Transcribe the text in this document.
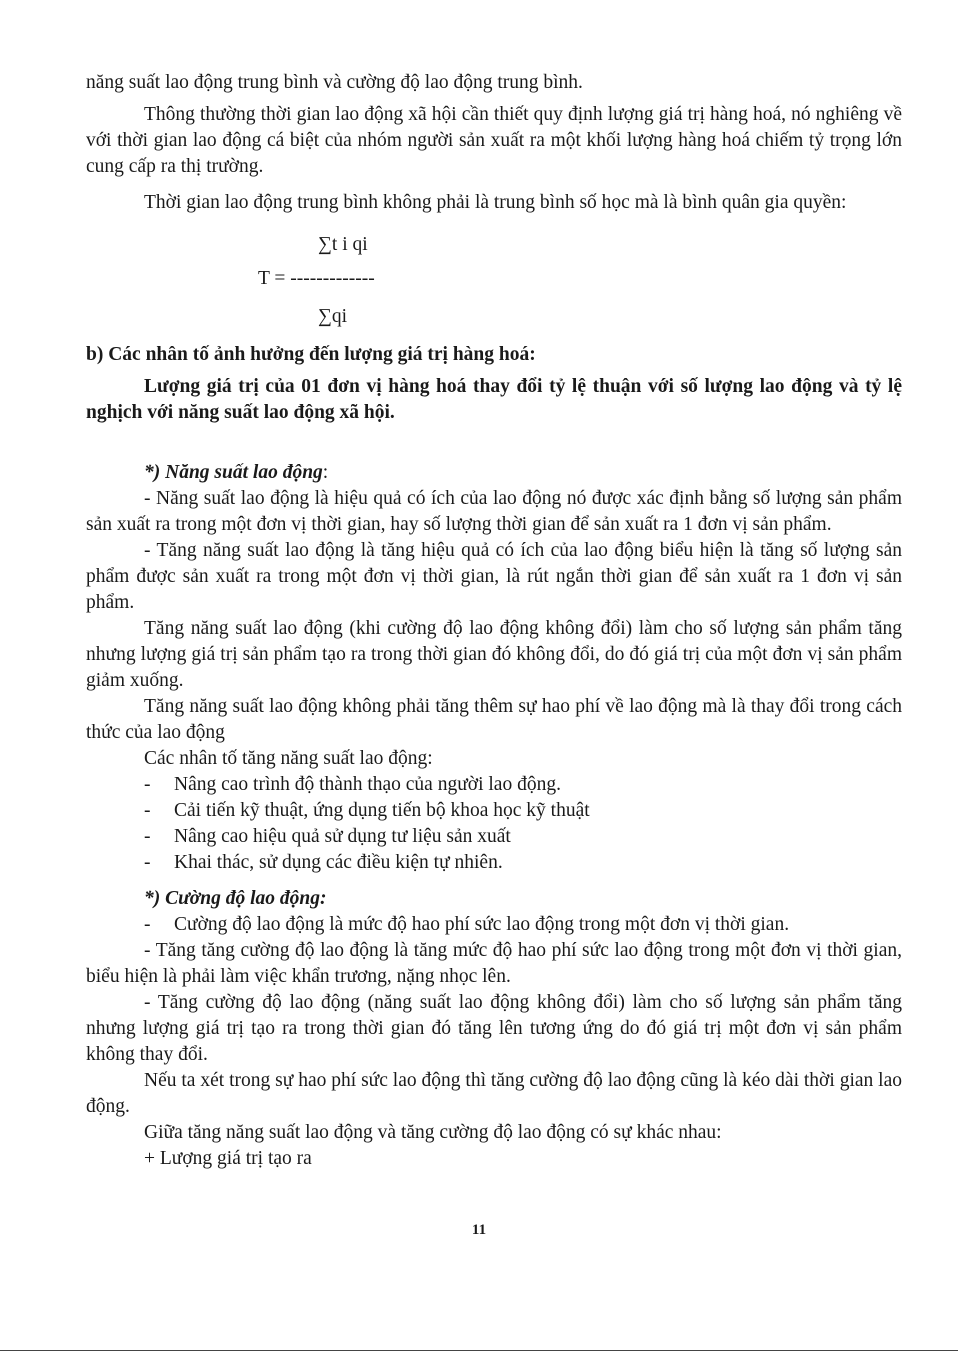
năng suất lao động trung bình và cường độ lao động trung bình.

Thông thường thời gian lao động xã hội cần thiết quy định lượng giá trị hàng hoá, nó nghiêng về với thời gian lao động cá biệt của nhóm người sản xuất ra một khối lượng hàng hoá chiếm tỷ trọng lớn cung cấp ra thị trường.

Thời gian lao động trung bình không phải là trung bình số học mà là bình quân gia quyền:

∑t i qi
T = -------------
∑qi

b) Các nhân tố ảnh hưởng đến lượng giá trị hàng hoá:

Lượng giá trị của 01 đơn vị hàng hoá thay đổi tỷ lệ thuận với số lượng lao động và tỷ lệ nghịch với năng suất lao động xã hội.

*) Năng suất lao động:

- Năng suất lao động là hiệu quả có ích của lao động nó được xác định bằng số lượng sản phẩm sản xuất ra trong một đơn vị thời gian, hay số lượng thời gian để sản xuất ra 1 đơn vị sản phẩm.

- Tăng năng suất lao động là tăng hiệu quả có ích của lao động biểu hiện là tăng số lượng sản phẩm được sản xuất ra trong một đơn vị thời gian, là rút ngắn thời gian để sản xuất ra 1 đơn vị sản phẩm.

Tăng năng suất lao động (khi cường độ lao động không đổi) làm cho số lượng sản phẩm tăng nhưng lượng giá trị sản phẩm tạo ra trong thời gian đó không đổi, do đó giá trị của một đơn vị sản phẩm giảm xuống.

Tăng năng suất lao động không phải tăng thêm sự hao phí về lao động mà là thay đổi trong cách thức của lao động

Các nhân tố tăng năng suất lao động:

- Nâng cao trình độ thành thạo của người lao động.
- Cải tiến kỹ thuật, ứng dụng tiến bộ khoa học kỹ thuật
- Nâng cao hiệu quả sử dụng tư liệu sản xuất
- Khai thác, sử dụng các điều kiện tự nhiên.

*) Cường độ lao động:

- Cường độ lao động là mức độ hao phí sức lao động trong một đơn vị thời gian.

- Tăng tăng cường độ lao động là tăng mức độ hao phí sức lao động trong một đơn vị thời gian, biểu hiện là phải làm việc khẩn trương, nặng nhọc lên.

- Tăng cường độ lao động (năng suất lao động không đổi) làm cho số lượng sản phẩm tăng nhưng lượng giá trị tạo ra trong thời gian đó tăng lên tương ứng do đó giá trị một đơn vị sản phẩm không thay đổi.

Nếu ta xét trong sự hao phí sức lao động thì tăng cường độ lao động cũng là kéo dài thời gian lao động.

Giữa tăng năng suất lao động và tăng cường độ lao động có sự khác nhau:

+ Lượng giá trị tạo ra

11
